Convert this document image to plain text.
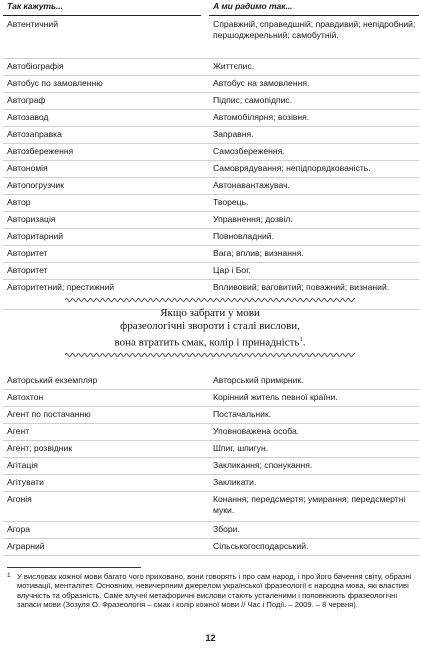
Так кажуть...	А ми радимо так...
Автентичний	Справжній, справедшнiй; правдивий; непідробний; першоджерельний; самобутній.
Автобіографія	Життєпис.
Автобус по замовленню	Автобус на замовлення.
Автограф	Підпис; самопідпис.
Автозавод	Автомобілярня; возівня.
Автозаправка	Заправня.
Автозбереження	Самозбереження.
Автономія	Самоврядування; непідпорядкованість.
Автопогрузчик	Автонавантажувач.
Автор	Творець.
Авторизація	Управнення; дозвіл.
Авторитарний	Повновладний.
Авторитет	Вага; вплив; визнання.
Авторитет	Цар і Бог.
Авторитетний; престижний	Впливовий; ваговитий; поважний; визнаний.
Якщо забрати у мови
фразеологічні звороти і сталі вислови,
вона втратить смак, колір і принадність$^1$.
Авторський екземпляр	Авторський примірник.
Автохтон	Корінний житель певної країни.
Агент по постачанню	Постачальник.
Агент	Уповноважена особа.
Агент; розвідник	Шпиг, шпигун.
Агітація	Закликання; спонукання.
Агітувати	Закликати.
Агонія	Конання; передсмертя; умирання; передсмертні муки.
Агора	Збори.
Аграрний	Сільськогосподарський.
1 У висловах кожної мови багато чого приховано, вони говорять і про сам народ, і про його бачення світу, образні мотивації, менталітет. Основним, невичерпним джерелом української фразеології є народна мова, які властиві влучність та образність. Саме влучні метафоричні вислови стають усталеними і поповнюють фразеологічні запаси мови (Зозуля О. Фразеологія – смак і колір кожної мови // Час і Події. – 2009. – 8 червня).
12
